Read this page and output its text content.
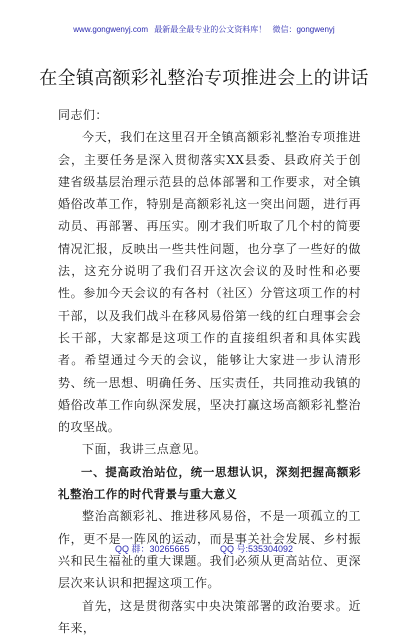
www.gongwenyj.com 最新最全最专业的公文资料库！ 微信：gongwenyj
在全镇高额彩礼整治专项推进会上的讲话

同志们：

今天，我们在这里召开全镇高额彩礼整治专项推进会，主要任务是深入贯彻落实XX县委、县政府关于创建省级基层治理示范县的总体部署和工作要求，对全镇婚俗改革工作，特别是高额彩礼这一突出问题，进行再动员、再部署、再压实。刚才我们听取了几个村的简要情况汇报，反映出一些共性问题，也分享了一些好的做法，这充分说明了我们召开这次会议的及时性和必要性。参加今天会议的有各村（社区）分管这项工作的村干部，以及我们战斗在移风易俗第一线的红白理事会会长干部，大家都是这项工作的直接组织者和具体实践者。希望通过今天的会议，能够让大家进一步认清形势、统一思想、明确任务、压实责任，共同推动我镇的婚俗改革工作向纵深发展，坚决打赢这场高额彩礼整治的攻坚战。

下面，我讲三点意见。

一、提高政治站位，统一思想认识，深刻把握高额彩礼整治工作的时代背景与重大意义

整治高额彩礼、推进移风易俗，不是一项孤立的工作，更不是一阵风的运动，而是事关社会发展、乡村振兴和民生福祉的重大课题。我们必须从更高站位、更深层次来认识和把握这项工作。

首先，这是贯彻落实中央决策部署的政治要求。近年来，

QQ 群：30265665	QQ 号:535304092
